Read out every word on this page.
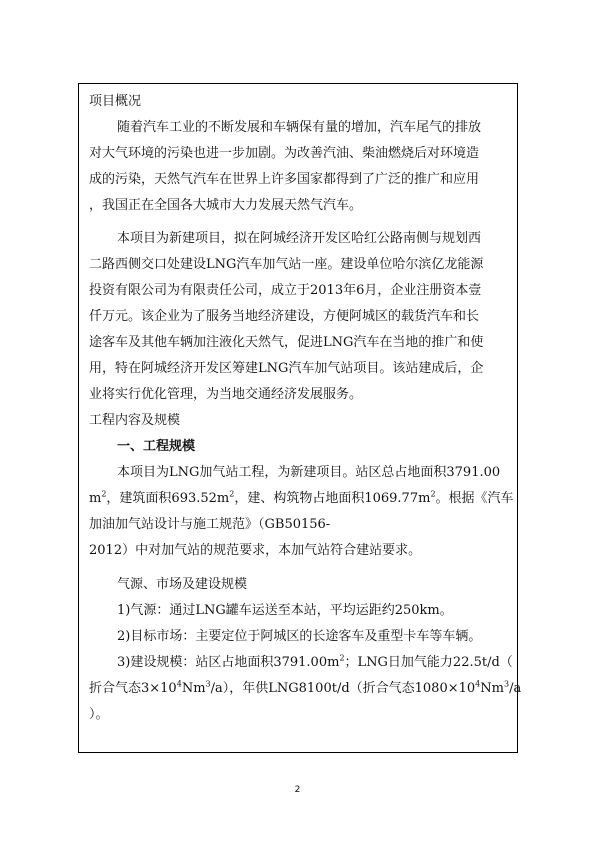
项目概况
随着汽车工业的不断发展和车辆保有量的增加，汽车尾气的排放
对大气环境的污染也进一步加剧。为改善汽油、柴油燃烧后对环境造
成的污染，天然气汽车在世界上许多国家都得到了广泛的推广和应用
，我国正在全国各大城市大力发展天然气汽车。
本项目为新建项目，拟在阿城经济开发区哈红公路南侧与规划西
二路西侧交口处建设LNG汽车加气站一座。建设单位哈尔滨亿龙能源
投资有限公司为有限责任公司，成立于2013年6月，企业注册资本壹
仟万元。该企业为了服务当地经济建设，方便阿城区的载货汽车和长
途客车及其他车辆加注液化天然气，促进LNG汽车在当地的推广和使
用，特在阿城经济开发区筹建LNG汽车加气站项目。该站建成后，企
业将实行优化管理，为当地交通经济发展服务。
工程内容及规模
一、工程规模
本项目为LNG加气站工程，为新建项目。站区总占地面积3791.00
$m^2$，建筑面积$693.52m^2$，建、构筑物占地面积$1069.77m^2$。根据《汽车
加油加气站设计与施工规范》（GB50156-
2012）中对加气站的规范要求，本加气站符合建站要求。
气源、市场及建设规模
1)气源：通过LNG罐车运送至本站，平均运距约250km。
2)目标市场：主要定位于阿城区的长途客车及重型卡车等车辆。
3)建设规模：站区占地面积$3791.00m^2$；LNG日加气能力22.5t/d（
折合气态$3\times 10^4Nm^3/a$），年供LNG8100t/d（折合气态$1080\times 10^4Nm^3/a$
）。
2
